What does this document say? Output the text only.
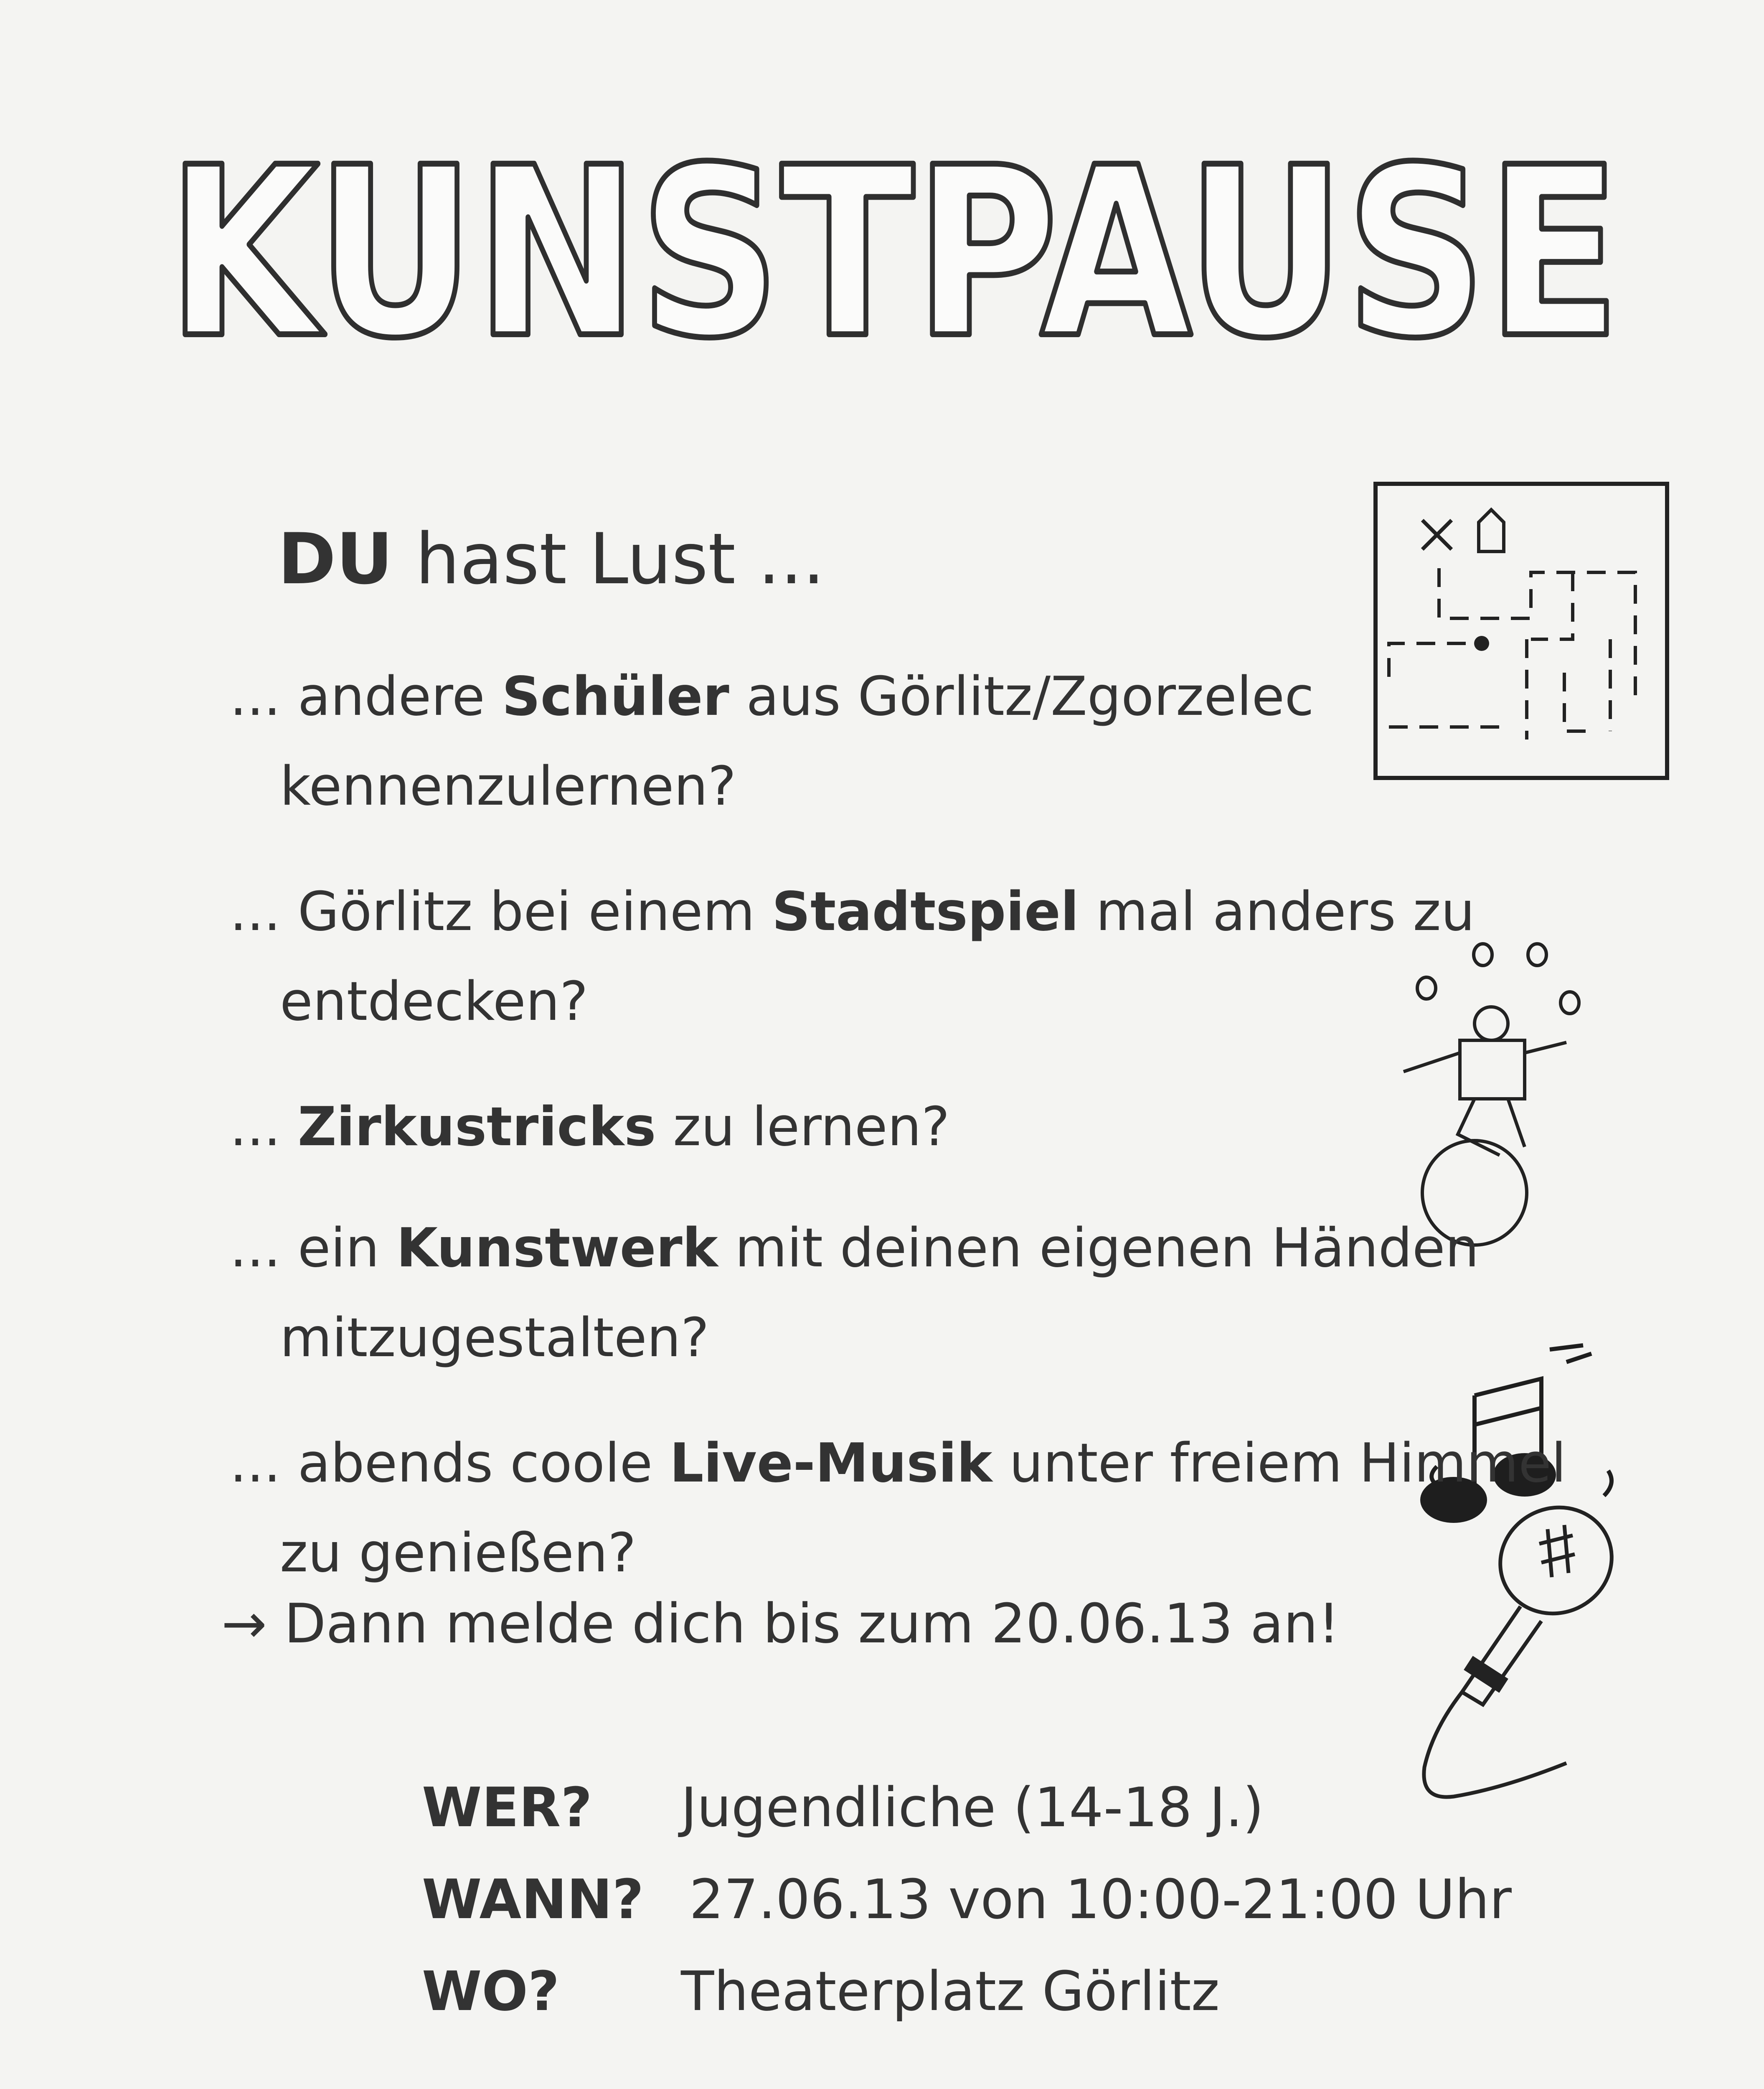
KUNSTPAUSE
DU hast Lust ...
... andere Schüler aus Görlitz/Zgorzelec
kennenzulernen?
... Görlitz bei einem Stadtspiel mal anders zu
entdecken?
... Zirkustricks zu lernen?
... ein Kunstwerk mit deinen eigenen Händen
mitzugestalten?
... abends coole Live-Musik unter freiem Himmel
zu genießen?
→ Dann melde dich bis zum 20.06.13 an!
WER? Jugendliche (14-18 J.)
WANN? 27.06.13 von 10:00-21:00 Uhr
WO? Theaterplatz Görlitz
